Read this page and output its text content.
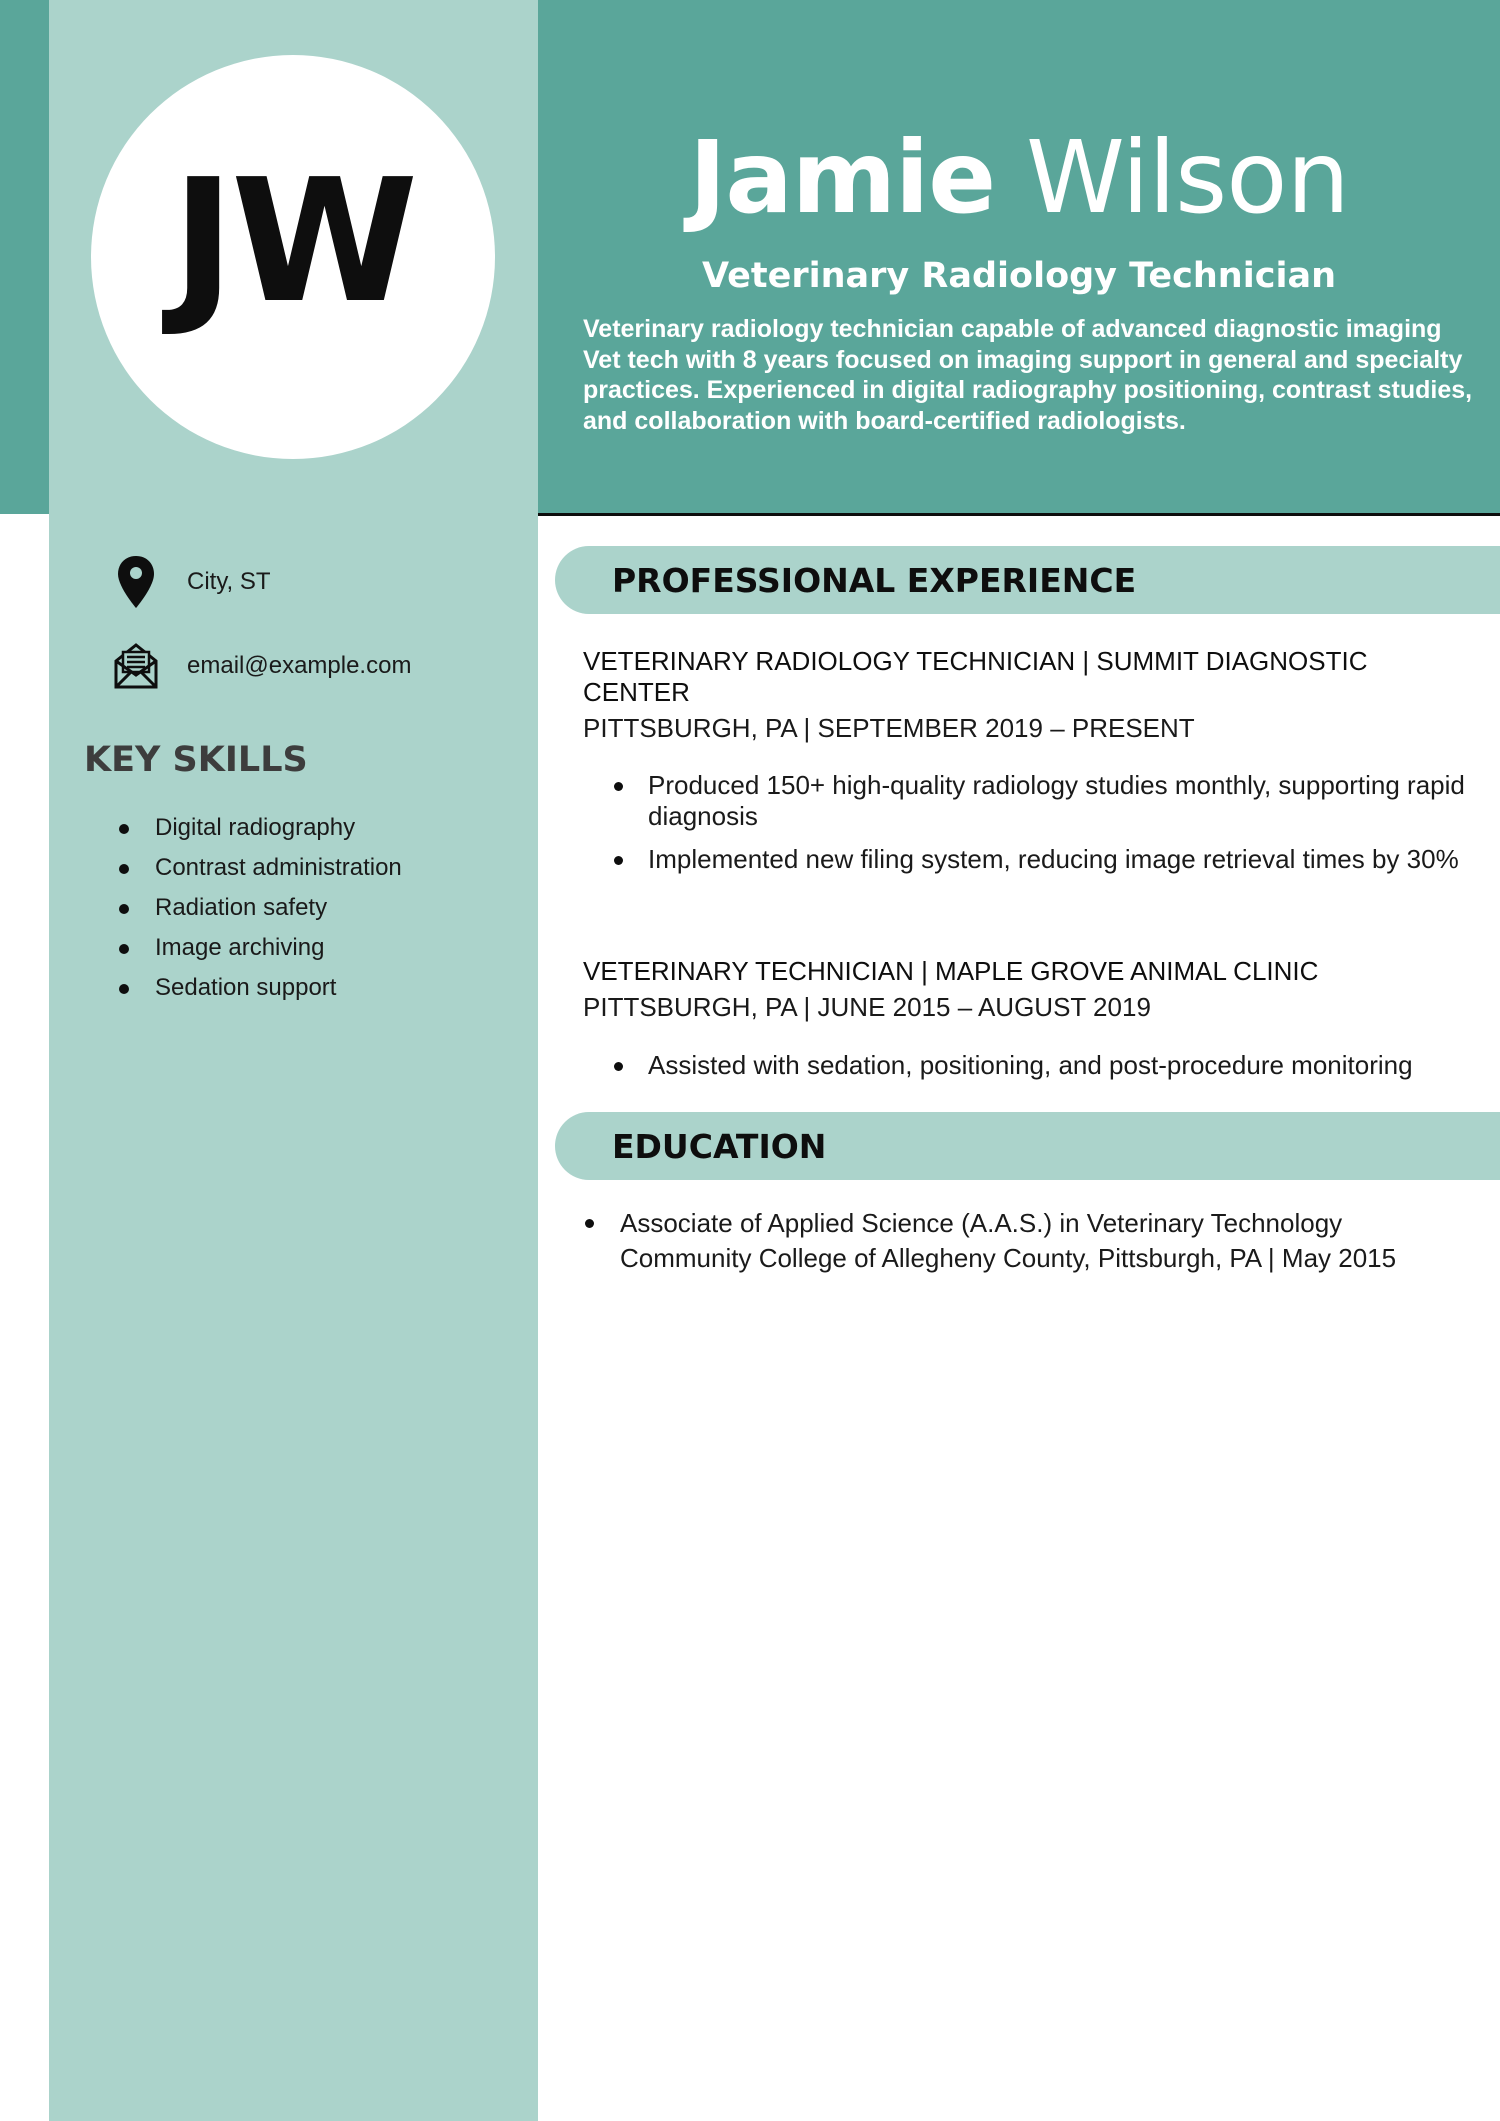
JW	Jamie Wilson
Veterinary Radiology Technician
Veterinary radiology technician capable of advanced diagnostic imaging Vet tech with 8 years focused on imaging support in general and specialty practices. Experienced in digital radiography positioning, contrast studies, and collaboration with board-certified radiologists.
City, ST
email@example.com
KEY SKILLS
Digital radiography
Contrast administration
Radiation safety
Image archiving
Sedation support
PROFESSIONAL EXPERIENCE
VETERINARY RADIOLOGY TECHNICIAN | SUMMIT DIAGNOSTIC CENTER
PITTSBURGH, PA | SEPTEMBER 2019 – PRESENT
Produced 150+ high-quality radiology studies monthly, supporting rapid diagnosis
Implemented new filing system, reducing image retrieval times by 30%
VETERINARY TECHNICIAN | MAPLE GROVE ANIMAL CLINIC
PITTSBURGH, PA | JUNE 2015 – AUGUST 2019
Assisted with sedation, positioning, and post-procedure monitoring
EDUCATION
Associate of Applied Science (A.A.S.) in Veterinary Technology
Community College of Allegheny County, Pittsburgh, PA | May 2015
